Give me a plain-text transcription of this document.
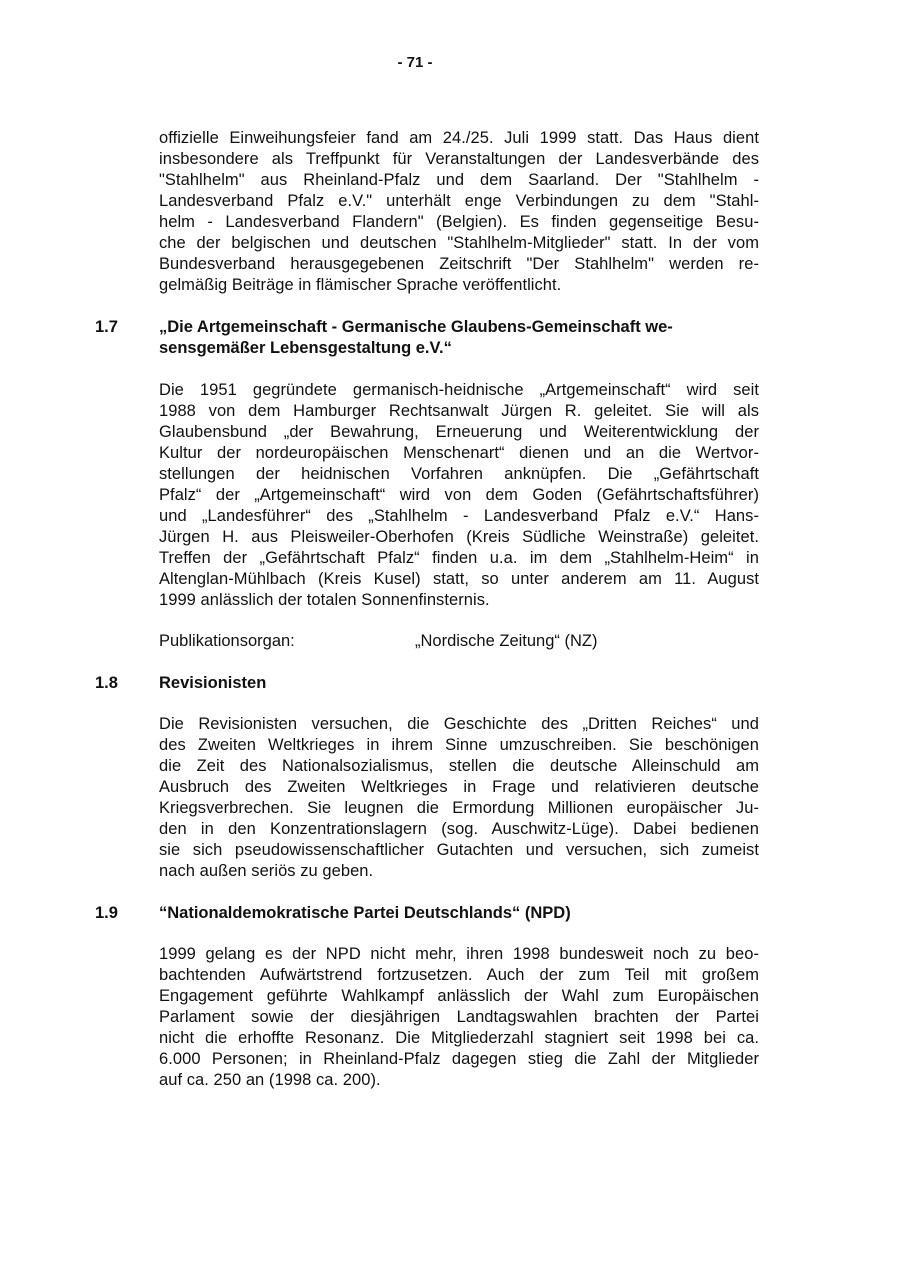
- 71 -
offizielle Einweihungsfeier fand am 24./25. Juli 1999 statt. Das Haus dient
insbesondere als Treffpunkt für Veranstaltungen der Landesverbände des
"Stahlhelm" aus Rheinland-Pfalz und dem Saarland. Der "Stahlhelm -
Landesverband Pfalz e.V." unterhält enge Verbindungen zu dem "Stahl-
helm - Landesverband Flandern" (Belgien). Es finden gegenseitige Besu-
che der belgischen und deutschen "Stahlhelm-Mitglieder" statt. In der vom
Bundesverband herausgegebenen Zeitschrift "Der Stahlhelm" werden re-
gelmäßig Beiträge in flämischer Sprache veröffentlicht.
1.7 „Die Artgemeinschaft - Germanische Glaubens-Gemeinschaft we-
sensgemäßer Lebensgestaltung e.V.“
Die 1951 gegründete germanisch-heidnische „Artgemeinschaft“ wird seit
1988 von dem Hamburger Rechtsanwalt Jürgen R. geleitet. Sie will als
Glaubensbund „der Bewahrung, Erneuerung und Weiterentwicklung der
Kultur der nordeuropäischen Menschenart“ dienen und an die Wertvor-
stellungen der heidnischen Vorfahren anknüpfen. Die „Gefährtschaft
Pfalz“ der „Artgemeinschaft“ wird von dem Goden (Gefährtschaftsführer)
und „Landesführer“ des „Stahlhelm - Landesverband Pfalz e.V.“ Hans-
Jürgen H. aus Pleisweiler-Oberhofen (Kreis Südliche Weinstraße) geleitet.
Treffen der „Gefährtschaft Pfalz“ finden u.a. im dem „Stahlhelm-Heim“ in
Altenglan-Mühlbach (Kreis Kusel) statt, so unter anderem am 11. August
1999 anlässlich der totalen Sonnenfinsternis.
Publikationsorgan:	„Nordische Zeitung“ (NZ)
1.8 Revisionisten
Die Revisionisten versuchen, die Geschichte des „Dritten Reiches“ und
des Zweiten Weltkrieges in ihrem Sinne umzuschreiben. Sie beschönigen
die Zeit des Nationalsozialismus, stellen die deutsche Alleinschuld am
Ausbruch des Zweiten Weltkrieges in Frage und relativieren deutsche
Kriegsverbrechen. Sie leugnen die Ermordung Millionen europäischer Ju-
den in den Konzentrationslagern (sog. Auschwitz-Lüge). Dabei bedienen
sie sich pseudowissenschaftlicher Gutachten und versuchen, sich zumeist
nach außen seriös zu geben.
1.9 “Nationaldemokratische Partei Deutschlands“ (NPD)
1999 gelang es der NPD nicht mehr, ihren 1998 bundesweit noch zu beo-
bachtenden Aufwärtstrend fortzusetzen. Auch der zum Teil mit großem
Engagement geführte Wahlkampf anlässlich der Wahl zum Europäischen
Parlament sowie der diesjährigen Landtagswahlen brachten der Partei
nicht die erhoffte Resonanz. Die Mitgliederzahl stagniert seit 1998 bei ca.
6.000 Personen; in Rheinland-Pfalz dagegen stieg die Zahl der Mitglieder
auf ca. 250 an (1998 ca. 200).
